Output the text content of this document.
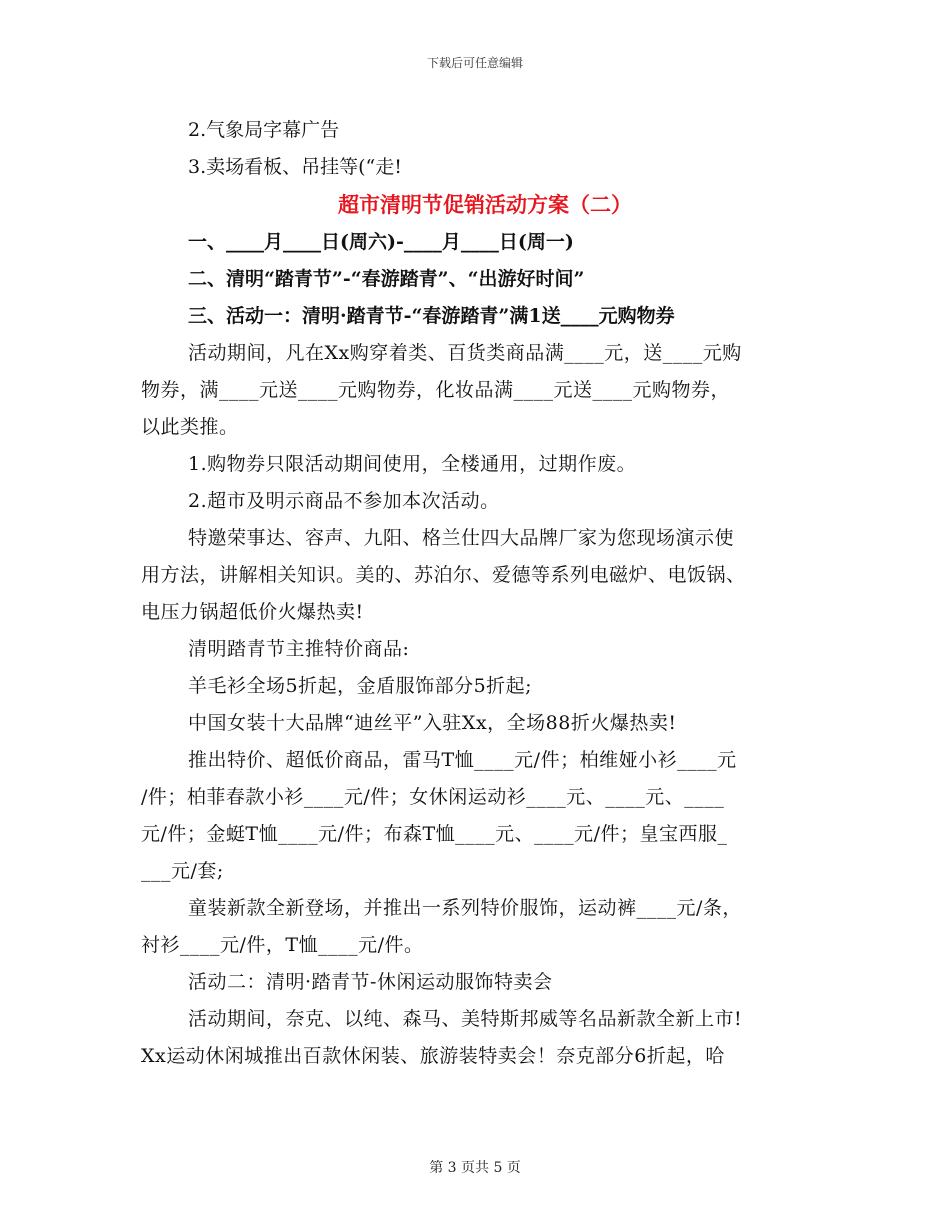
下载后可任意编辑
2.气象局字幕广告
3.卖场看板、吊挂等(“走!
超市清明节促销活动方案（二）
一、____月____日(周六)-____月____日(周一)
二、清明“踏青节”-“春游踏青”、“出游好时间”
三、活动一：清明·踏青节-“春游踏青”满1送____元购物券
活动期间，凡在Xx购穿着类、百货类商品满____元，送____元购
物券，满____元送____元购物券，化妆品满____元送____元购物券，
以此类推。
1.购物券只限活动期间使用，全楼通用，过期作废。
2.超市及明示商品不参加本次活动。
特邀荣事达、容声、九阳、格兰仕四大品牌厂家为您现场演示使
用方法，讲解相关知识。美的、苏泊尔、爱德等系列电磁炉、电饭锅、
电压力锅超低价火爆热卖!
清明踏青节主推特价商品:
羊毛衫全场5折起，金盾服饰部分5折起;
中国女装十大品牌“迪丝平”入驻Xx，全场88折火爆热卖!
推出特价、超低价商品，雷马T恤____元/件；柏维娅小衫____元
/件；柏菲春款小衫____元/件；女休闲运动衫____元、____元、____
元/件；金蜓T恤____元/件；布森T恤____元、____元/件；皇宝西服_
___元/套;
童装新款全新登场，并推出一系列特价服饰，运动裤____元/条，
衬衫____元/件，T恤____元/件。
活动二：清明·踏青节-休闲运动服饰特卖会
活动期间，奈克、以纯、森马、美特斯邦威等名品新款全新上市!
Xx运动休闲城推出百款休闲装、旅游装特卖会！奈克部分6折起，哈
第 3 页共 5 页
